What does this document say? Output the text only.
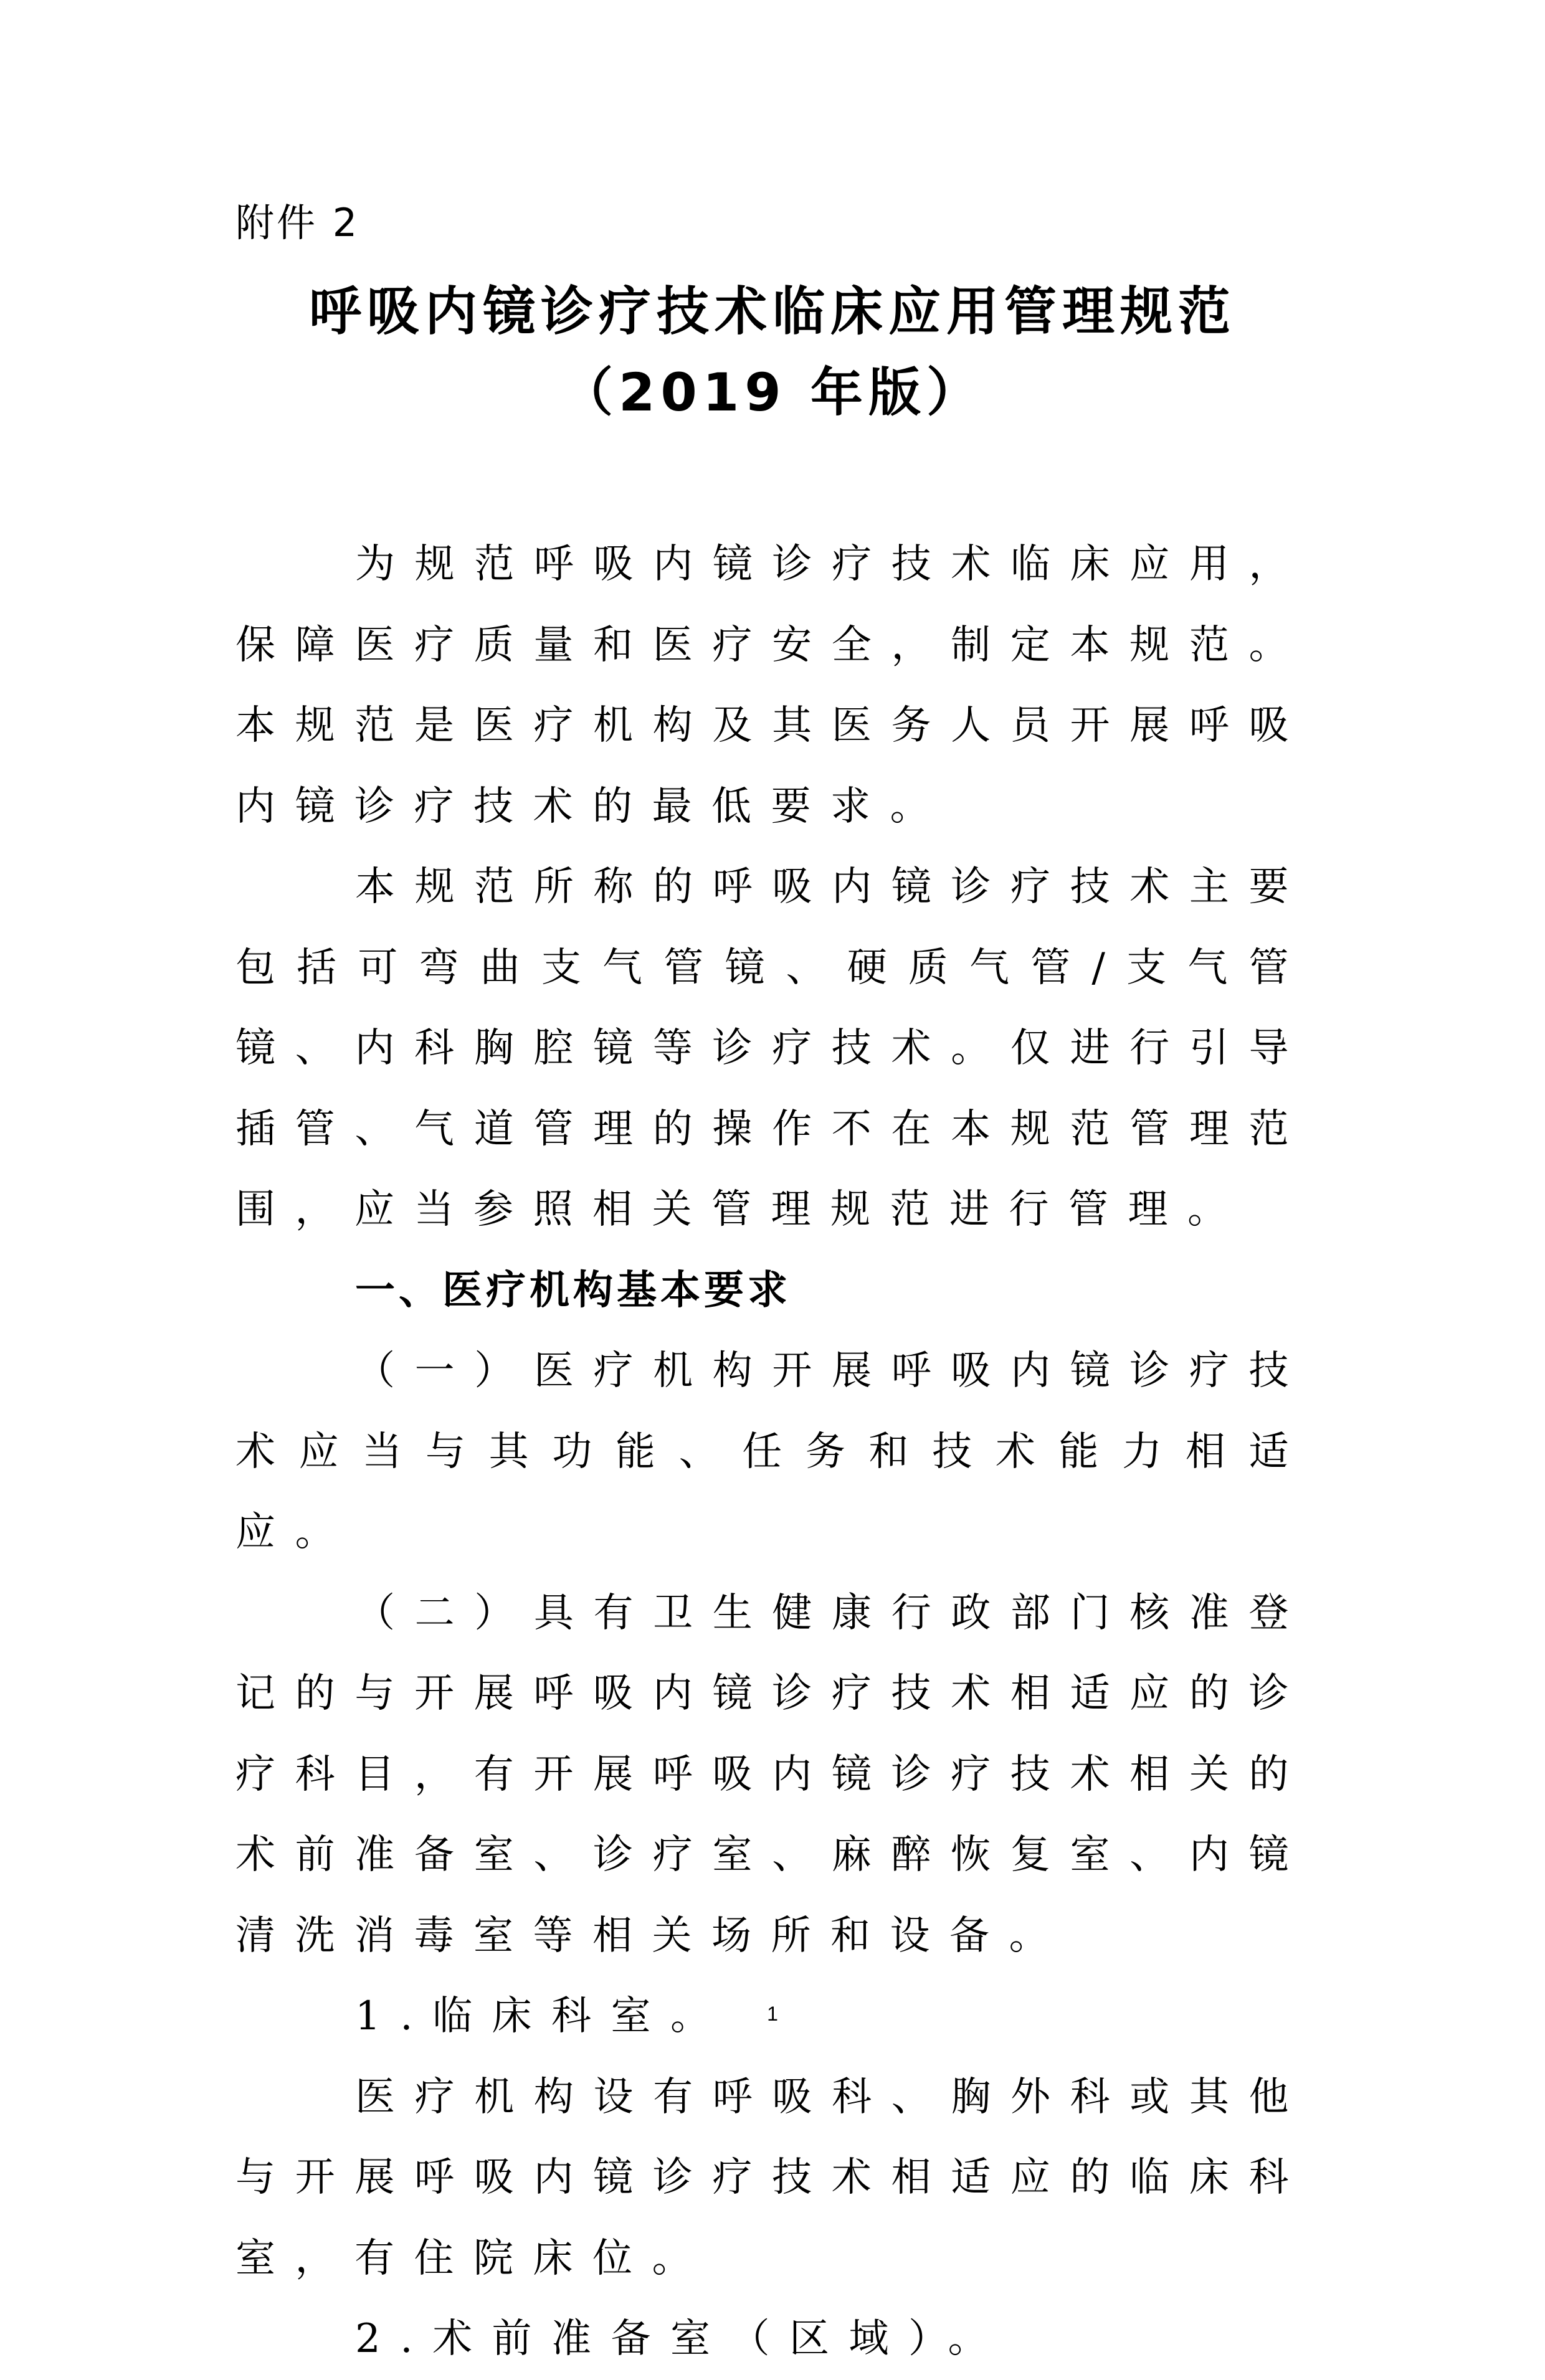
附件 2
呼吸内镜诊疗技术临床应用管理规范
（2019 年版）

为规范呼吸内镜诊疗技术临床应用，保障医疗质量和医疗安全，制定本规范。本规范是医疗机构及其医务人员开展呼吸内镜诊疗技术的最低要求。

本规范所称的呼吸内镜诊疗技术主要包括可弯曲支气管镜、硬质气管/支气管镜、内科胸腔镜等诊疗技术。仅进行引导插管、气道管理的操作不在本规范管理范围，应当参照相关管理规范进行管理。

一、医疗机构基本要求

（一）医疗机构开展呼吸内镜诊疗技术应当与其功能、任务和技术能力相适应。

（二）具有卫生健康行政部门核准登记的与开展呼吸内镜诊疗技术相适应的诊疗科目，有开展呼吸内镜诊疗技术相关的术前准备室、诊疗室、麻醉恢复室、内镜清洗消毒室等相关场所和设备。

1.临床科室。

医疗机构设有呼吸科、胸外科或其他与开展呼吸内镜诊疗技术相适应的临床科室，有住院床位。

2.术前准备室（区域）。

1
